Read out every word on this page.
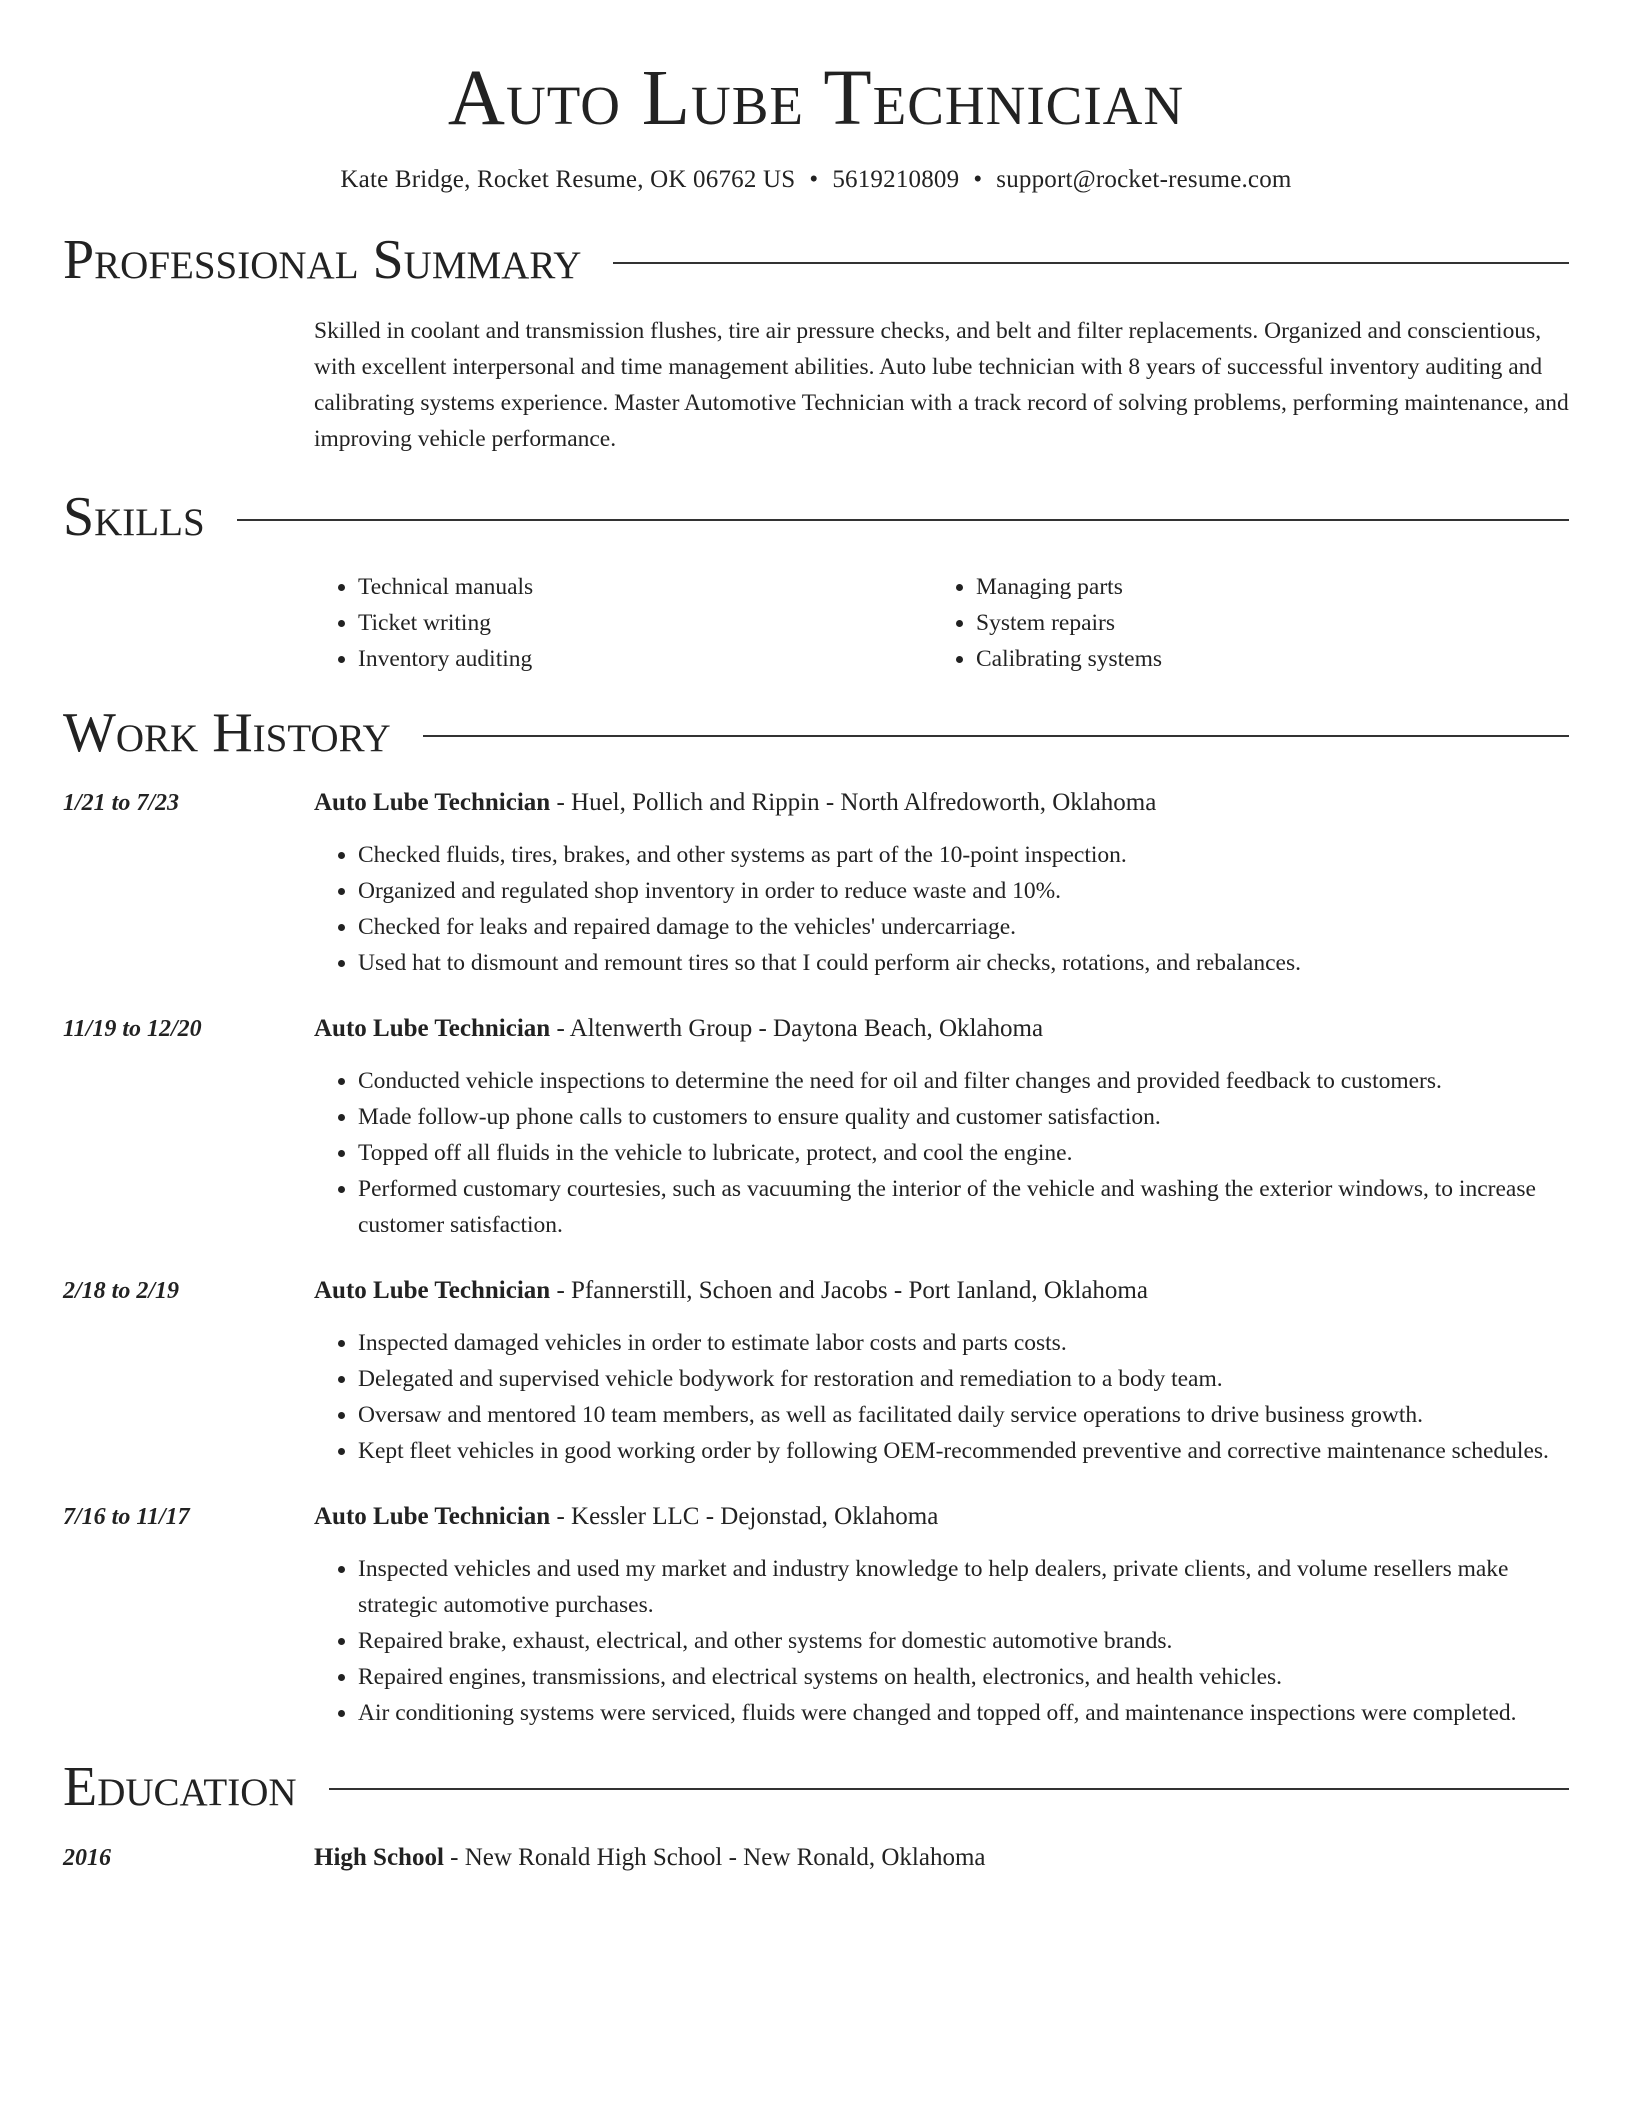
Auto Lube Technician
Kate Bridge, Rocket Resume, OK 06762 US • 5619210809 • support@rocket-resume.com
Professional Summary
Skilled in coolant and transmission flushes, tire air pressure checks, and belt and filter replacements. Organized and conscientious, with excellent interpersonal and time management abilities. Auto lube technician with 8 years of successful inventory auditing and calibrating systems experience. Master Automotive Technician with a track record of solving problems, performing maintenance, and improving vehicle performance.
Skills
• Technical manuals
• Ticket writing
• Inventory auditing
• Managing parts
• System repairs
• Calibrating systems
Work History
1/21 to 7/23	Auto Lube Technician - Huel, Pollich and Rippin - North Alfredoworth, Oklahoma
• Checked fluids, tires, brakes, and other systems as part of the 10-point inspection.
• Organized and regulated shop inventory in order to reduce waste and 10%.
• Checked for leaks and repaired damage to the vehicles' undercarriage.
• Used hat to dismount and remount tires so that I could perform air checks, rotations, and rebalances.
11/19 to 12/20	Auto Lube Technician - Altenwerth Group - Daytona Beach, Oklahoma
• Conducted vehicle inspections to determine the need for oil and filter changes and provided feedback to customers.
• Made follow-up phone calls to customers to ensure quality and customer satisfaction.
• Topped off all fluids in the vehicle to lubricate, protect, and cool the engine.
• Performed customary courtesies, such as vacuuming the interior of the vehicle and washing the exterior windows, to increase customer satisfaction.
2/18 to 2/19	Auto Lube Technician - Pfannerstill, Schoen and Jacobs - Port Ianland, Oklahoma
• Inspected damaged vehicles in order to estimate labor costs and parts costs.
• Delegated and supervised vehicle bodywork for restoration and remediation to a body team.
• Oversaw and mentored 10 team members, as well as facilitated daily service operations to drive business growth.
• Kept fleet vehicles in good working order by following OEM-recommended preventive and corrective maintenance schedules.
7/16 to 11/17	Auto Lube Technician - Kessler LLC - Dejonstad, Oklahoma
• Inspected vehicles and used my market and industry knowledge to help dealers, private clients, and volume resellers make strategic automotive purchases.
• Repaired brake, exhaust, electrical, and other systems for domestic automotive brands.
• Repaired engines, transmissions, and electrical systems on health, electronics, and health vehicles.
• Air conditioning systems were serviced, fluids were changed and topped off, and maintenance inspections were completed.
Education
2016	High School - New Ronald High School - New Ronald, Oklahoma
